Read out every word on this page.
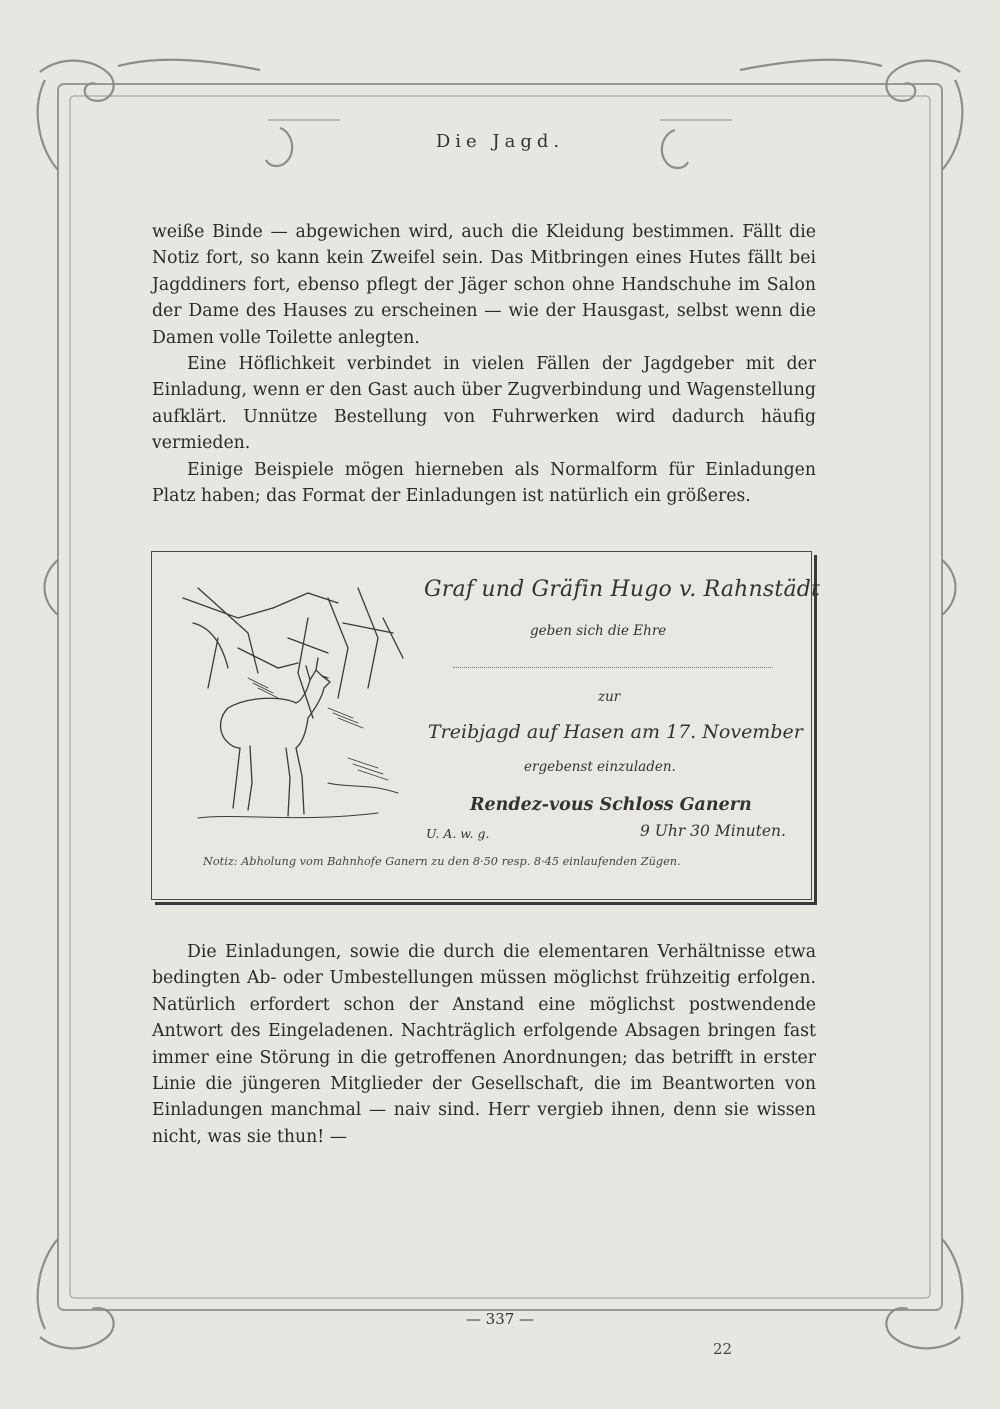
Die Jagd.

weiße Binde — abgewichen wird, auch die Kleidung bestimmen. Fällt die Notiz fort, so kann kein Zweifel sein. Das Mitbringen eines Hutes fällt bei Jagddiners fort, ebenso pflegt der Jäger schon ohne Handschuhe im Salon der Dame des Hauses zu erscheinen — wie der Hausgast, selbst wenn die Damen volle Toilette anlegten.

Eine Höflichkeit verbindet in vielen Fällen der Jagdgeber mit der Einladung, wenn er den Gast auch über Zugverbindung und Wagenstellung aufklärt. Unnütze Bestellung von Fuhrwerken wird dadurch häufig vermieden.

Einige Beispiele mögen hierneben als Normalform für Einladungen Platz haben; das Format der Einladungen ist natürlich ein größeres.

Graf und Gräfin Hugo v. Rahnstädt
geben sich die Ehre
zur
Treibjagd auf Hasen am 17. November
ergebenst einzuladen.
Rendez-vous Schloss Ganern
U. A. w. g.	9 Uhr 30 Minuten.
Notiz: Abholung vom Bahnhofe Ganern zu den 8·50 resp. 8·45 einlaufenden Zügen.

Die Einladungen, sowie die durch die elementaren Verhältnisse etwa bedingten Ab- oder Umbestellungen müssen möglichst frühzeitig erfolgen. Natürlich erfordert schon der Anstand eine möglichst postwendende Antwort des Eingeladenen. Nachträglich erfolgende Absagen bringen fast immer eine Störung in die getroffenen Anordnungen; das betrifft in erster Linie die jüngeren Mitglieder der Gesellschaft, die im Beantworten von Einladungen manchmal — naiv sind. Herr vergieb ihnen, denn sie wissen nicht, was sie thun! —

— 337 —
22
